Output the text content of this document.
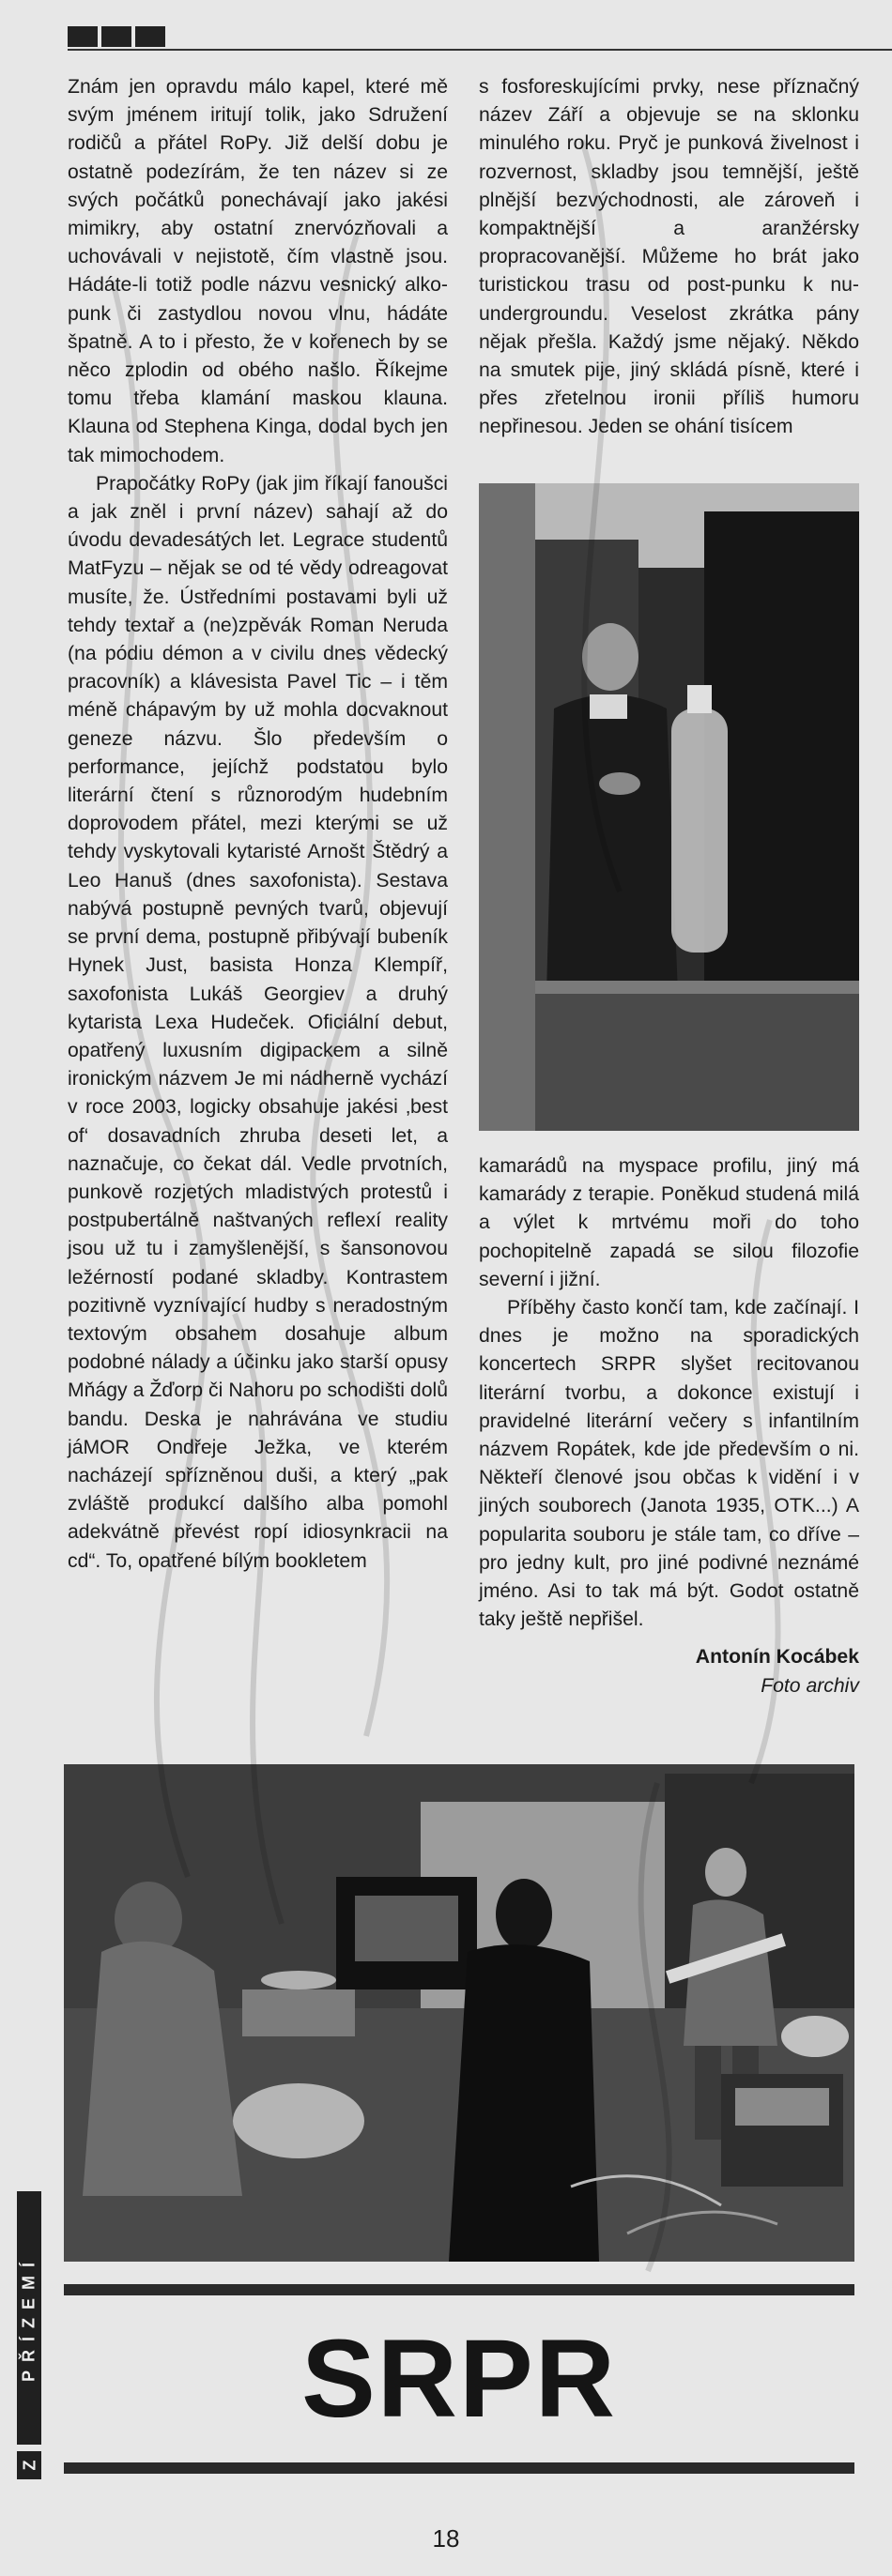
Znám jen opravdu málo kapel, které mě svým jménem iritují tolik, jako Sdružení rodičů a přátel RoPy. Již delší dobu je ostatně podezírám, že ten název si ze svých počátků ponechávají jako jakési mimikry, aby ostatní znervózňovali a uchovávali v nejistotě, čím vlastně jsou. Hádáte-li totiž podle názvu vesnický alko-punk či zastydlou novou vlnu, hádáte špatně. A to i přesto, že v kořenech by se něco zplodin od obého našlo. Říkejme tomu třeba klamání maskou klauna. Klauna od Stephena Kinga, dodal bych jen tak mimochodem.

Prapočátky RoPy (jak jim říkají fanoušci a jak zněl i první název) sahají až do úvodu devadesátých let. Legrace studentů MatFyzu – nějak se od té vědy odreagovat musíte, že. Ústředními postavami byli už tehdy textař a (ne)zpěvák Roman Neruda (na pódiu démon a v civilu dnes vědecký pracovník) a klávesista Pavel Tic – i těm méně chápavým by už mohla docvaknout geneze názvu. Šlo především o performance, jejíchž podstatou bylo literární čtení s různorodým hudebním doprovodem přátel, mezi kterými se už tehdy vyskytovali kytaristé Arnošt Štědrý a Leo Hanuš (dnes saxofonista). Sestava nabývá postupně pevných tvarů, objevují se první dema, postupně přibývají bubeník Hynek Just, basista Honza Klempíř, saxofonista Lukáš Georgiev a druhý kytarista Lexa Hudeček. Oficiální debut, opatřený luxusním digipackem a silně ironickým názvem Je mi nádherně vychází v roce 2003, logicky obsahuje jakési ‚best of‘ dosavadních zhruba deseti let, a naznačuje, co čekat dál. Vedle prvotních, punkově rozjetých mladistvých protestů i postpubertálně naštvaných reflexí reality jsou už tu i zamyšlenější, s šansonovou ležérností podané skladby. Kontrastem pozitivně vyznívající hudby s neradostným textovým obsahem dosahuje album podobné nálady a účinku jako starší opusy Mňágy a Žďorp či Nahoru po schodišti dolů bandu. Deska je nahrávána ve studiu jáMOR Ondřeje Ježka, ve kterém nacházejí spřízněnou duši, a který „pak zvláště produkcí dalšího alba pomohl adekvátně převést ropí idiosynkracii na cd“. To, opatřené bílým bookletem

s fosforeskujícími prvky, nese příznačný název Září a objevuje se na sklonku minulého roku. Pryč je punková živelnost i rozvernost, skladby jsou temnější, ještě plnější bezvýchodnosti, ale zároveň i kompaktnější a aranžérsky propracovanější. Můžeme ho brát jako turistickou trasu od post-punku k nu-undergroundu. Veselost zkrátka pány nějak přešla. Každý jsme nějaký. Někdo na smutek pije, jiný skládá písně, které i přes zřetelnou ironii příliš humoru nepřinesou. Jeden se ohání tisícem

kamarádů na myspace profilu, jiný má kamarády z terapie. Poněkud studená milá a výlet k mrtvému moři do toho pochopitelně zapadá se silou filozofie severní i jižní.

Příběhy často končí tam, kde začínají. I dnes je možno na sporadických koncertech SRPR slyšet recitovanou literární tvorbu, a dokonce existují i pravidelné literární večery s infantilním názvem Ropátek, kde jde především o ni. Někteří členové jsou občas k vidění i v jiných souborech (Janota 1935, OTK...) A popularita souboru je stále tam, co dříve – pro jedny kult, pro jiné podivné neznámé jméno. Asi to tak má být. Godot ostatně taky ještě nepřišel.

Antonín Kocábek
Foto archiv

SRPR
PŘÍZEMÍ
Z
18
